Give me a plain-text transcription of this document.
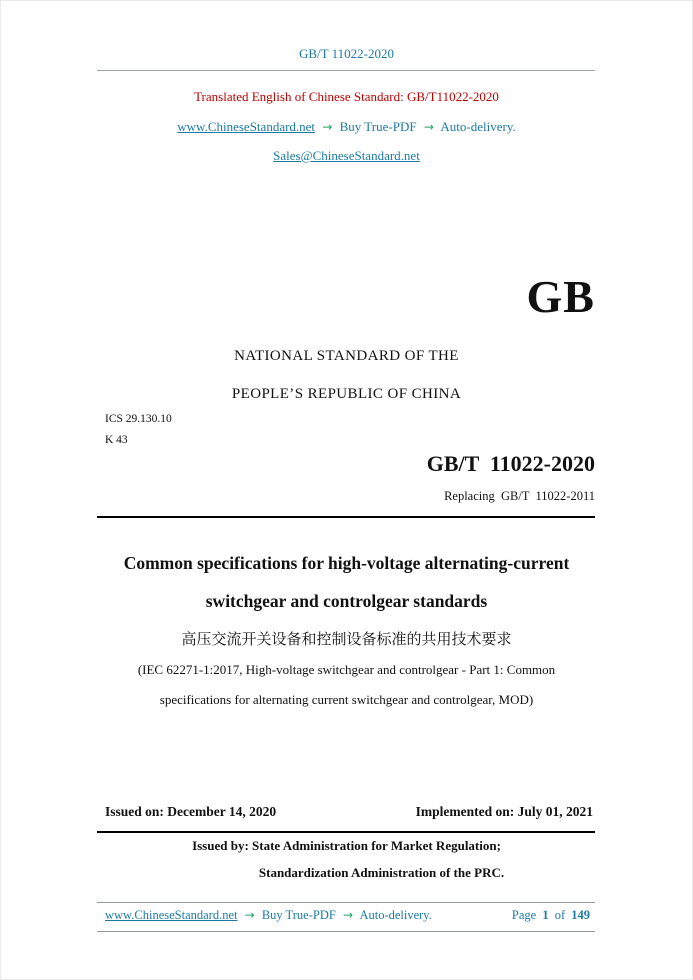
GB/T 11022-2020
Translated English of Chinese Standard: GB/T11022-2020
www.ChineseStandard.net → Buy True-PDF → Auto-delivery.
Sales@ChineseStandard.net
GB
NATIONAL STANDARD OF THE
PEOPLE’S REPUBLIC OF CHINA
ICS 29.130.10
K 43
GB/T  11022-2020
Replacing  GB/T  11022-2011
Common specifications for high-voltage alternating-current
switchgear and controlgear standards
高压交流开关设备和控制设备标准的共用技术要求
(IEC 62271-1:2017, High-voltage switchgear and controlgear - Part 1: Common
specifications for alternating current switchgear and controlgear, MOD)
Issued on: December 14, 2020	Implemented on: July 01, 2021
Issued by: State Administration for Market Regulation;
Standardization Administration of the PRC.
www.ChineseStandard.net → Buy True-PDF → Auto-delivery.	Page 1 of 149
